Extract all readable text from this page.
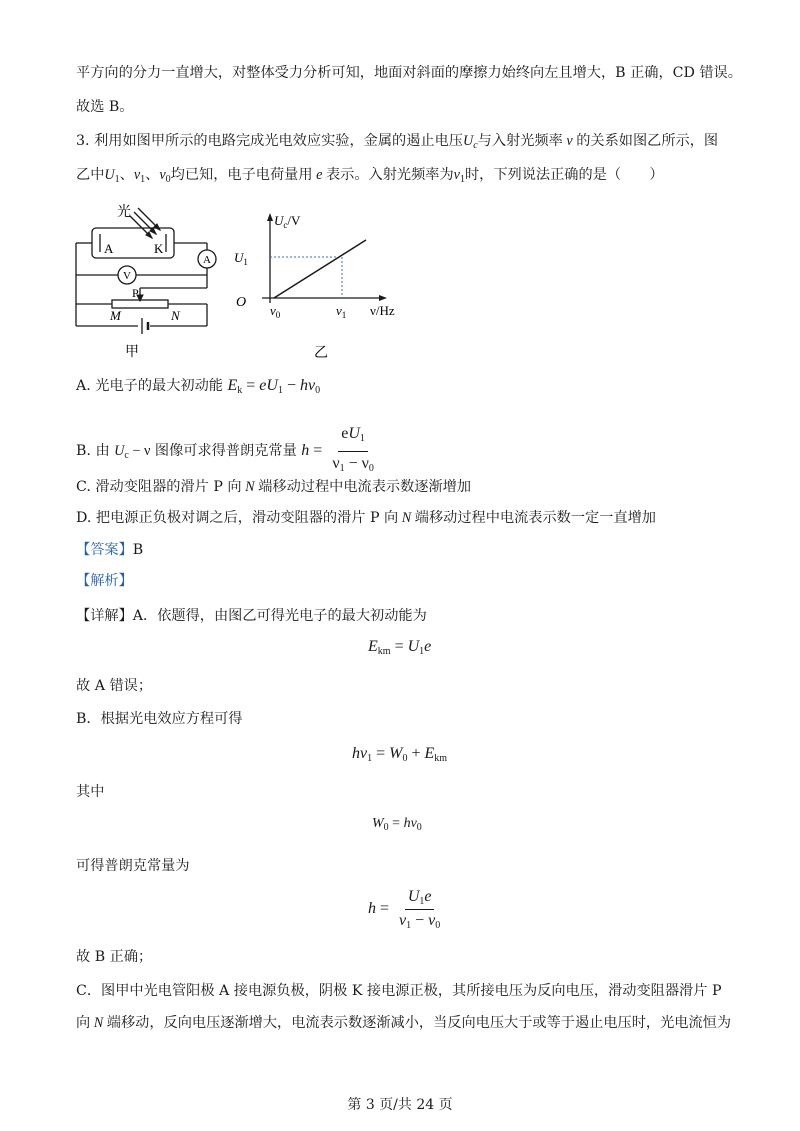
平方向的分力一直增大，对整体受力分析可知，地面对斜面的摩擦力始终向左且增大，B 正确，CD 错误。
故选 B。
3. 利用如图甲所示的电路完成光电效应实验，金属的遏止电压$U_c$与入射光频率 ν 的关系如图乙所示，图
乙中$U_1$、$\nu_1$、$\nu_0$均已知，电子电荷量用 e 表示。入射光频率为$\nu_1$时，下列说法正确的是（　　）
光
A	K
A
V
P
M	N
甲
$U_c/V$
$U_1$
O
$\nu_0$	$\nu_1$ ν/Hz
乙
A. 光电子的最大初动能 $E_k = eU_1 - h\nu_0$
B. 由 $U_c - \nu$ 图像可求得普朗克常量 $h = \frac{eU_1}{\nu_1 - \nu_0}$
C. 滑动变阻器的滑片 P 向 N 端移动过程中电流表示数逐渐增加
D. 把电源正负极对调之后，滑动变阻器的滑片 P 向 N 端移动过程中电流表示数一定一直增加
【答案】B
【解析】
【详解】A．依题得，由图乙可得光电子的最大初动能为
$E_{km} = U_1e$
故 A 错误；
B．根据光电效应方程可得
$h\nu_1 = W_0 + E_{km}$
其中
$W_0 = h\nu_0$
可得普朗克常量为
$h = \frac{U_1e}{\nu_1 - \nu_0}$
故 B 正确；
C．图甲中光电管阳极 A 接电源负极，阴极 K 接电源正极，其所接电压为反向电压，滑动变阻器滑片 P
向 N 端移动，反向电压逐渐增大，电流表示数逐渐减小，当反向电压大于或等于遏止电压时，光电流恒为
第 3 页/共 24 页
